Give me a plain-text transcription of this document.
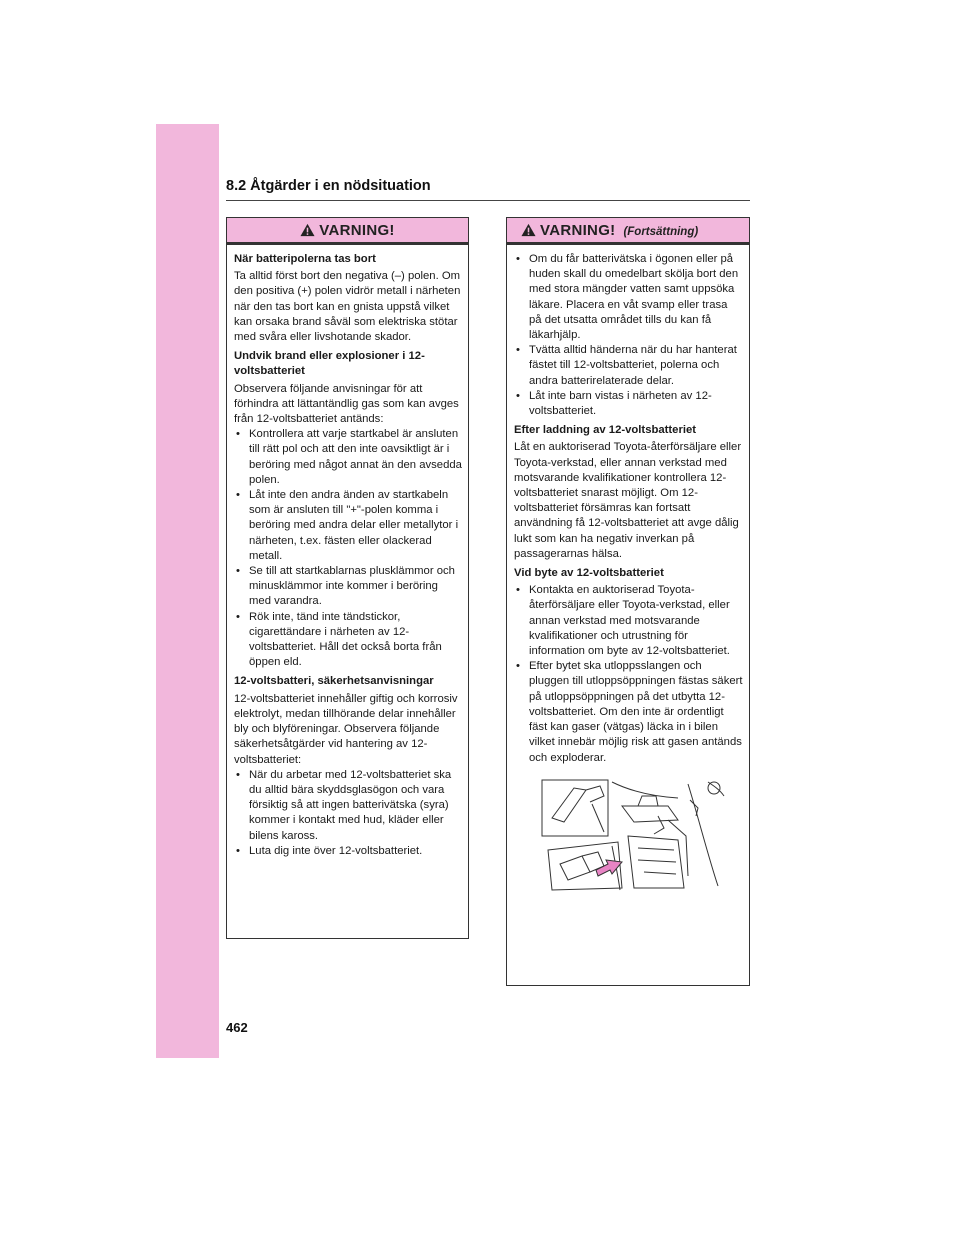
8.2 Åtgärder i en nödsituation
VARNING!
När batteripolerna tas bort

Ta alltid först bort den negativa (–) polen. Om den positiva (+) polen vidrör metall i närheten när den tas bort kan en gnista uppstå vilket kan orsaka brand såväl som elektriska stötar med svåra eller livshotande skador.

Undvik brand eller explosioner i 12-voltsbatteriet

Observera följande anvisningar för att förhindra att lättantändlig gas som kan avges från 12-voltsbatteriet antänds:

• Kontrollera att varje startkabel är ansluten till rätt pol och att den inte oavsiktligt är i beröring med något annat än den avsedda polen.
• Låt inte den andra änden av startkabeln som är ansluten till "+"-polen komma i beröring med andra delar eller metallytor i närheten, t.ex. fästen eller olackerad metall.
• Se till att startkablarnas plusklämmor och minusklämmor inte kommer i beröring med varandra.
• Rök inte, tänd inte tändstickor, cigarettändare i närheten av 12-voltsbatteriet. Håll det också borta från öppen eld.
12-voltsbatteri, säkerhetsanvisningar

12-voltsbatteriet innehåller giftig och korrosiv elektrolyt, medan tillhörande delar innehåller bly och blyföreningar. Observera följande säkerhetsåtgärder vid hantering av 12-voltsbatteriet:

• När du arbetar med 12-voltsbatteriet ska du alltid bära skyddsglasögon och vara försiktig så att ingen batterivätska (syra) kommer i kontakt med hud, kläder eller bilens kaross.
• Luta dig inte över 12-voltsbatteriet.
VARNING! (Fortsättning)
• Om du får batterivätska i ögonen eller på huden skall du omedelbart skölja bort den med stora mängder vatten samt uppsöka läkare. Placera en våt svamp eller trasa på det utsatta området tills du kan få läkarhjälp.
• Tvätta alltid händerna när du har hanterat fästet till 12-voltsbatteriet, polerna och andra batterirelaterade delar.
• Låt inte barn vistas i närheten av 12-voltsbatteriet.
Efter laddning av 12-voltsbatteriet

Låt en auktoriserad Toyota-återförsäljare eller Toyota-verkstad, eller annan verkstad med motsvarande kvalifikationer kontrollera 12-voltsbatteriet snarast möjligt. Om 12-voltsbatteriet försämras kan fortsatt användning få 12-voltsbatteriet att avge dålig lukt som kan ha negativ inverkan på passagerarnas hälsa.

Vid byte av 12-voltsbatteriet
• Kontakta en auktoriserad Toyota-återförsäljare eller Toyota-verkstad, eller annan verkstad med motsvarande kvalifikationer och utrustning för information om byte av 12-voltsbatteriet.
• Efter bytet ska utloppsslangen och pluggen till utloppsöppningen fästas säkert på utloppsöppningen på det utbytta 12-voltsbatteriet. Om den inte är ordentligt fäst kan gaser (vätgas) läcka in i bilen vilket innebär möjlig risk att gasen antänds och exploderar.
462
